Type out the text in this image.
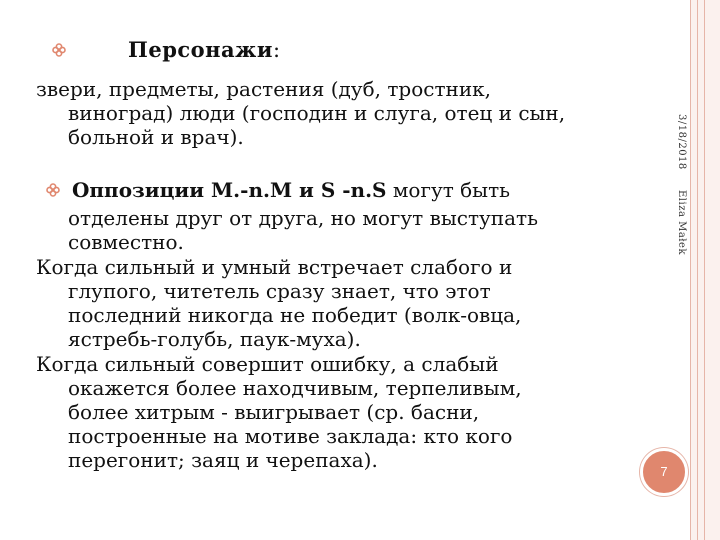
Персонажи:
звери, предметы, растения (дуб, тростник,
виноград) люди (господин и слуга, отец и сын,
больной и врач).
Оппозиции M.-n.M и S -n.S могут быть
отделены друг от друга, но могут выступать
совместно.
Когда сильный и умный встречает слабого и
глупого, читетель сразу знает, что этот
последний никогда не победит (волк-овца,
ястребь-голубь, паук-муха).
Когда сильный совершит ошибку, а слабый
окажется более находчивым, терпеливым,
более хитрым - выигрывает (ср. басни,
построенные на мотиве заклада: кто кого
перегонит; заяц и черепаха).
3/18/2018
Eliza Małek
7
